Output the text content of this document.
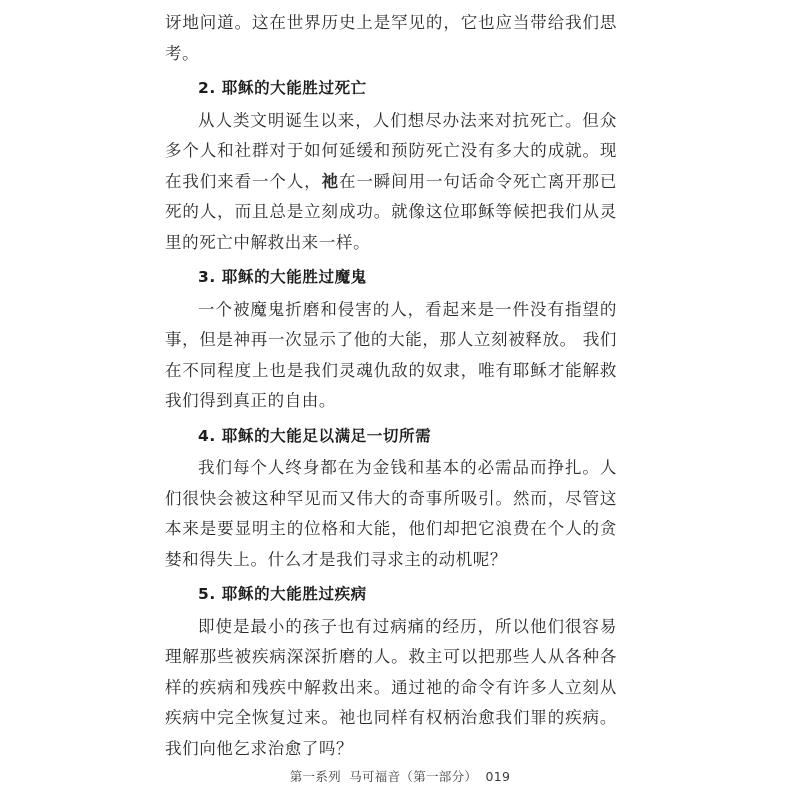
讶地问道。这在世界历史上是罕见的，它也应当带给我们思考。

2. 耶稣的大能胜过死亡

从人类文明诞生以来，人们想尽办法来对抗死亡。但众多个人和社群对于如何延缓和预防死亡没有多大的成就。现在我们来看一个人，祂在一瞬间用一句话命令死亡离开那已死的人，而且总是立刻成功。就像这位耶稣等候把我们从灵里的死亡中解救出来一样。

3. 耶稣的大能胜过魔鬼

一个被魔鬼折磨和侵害的人，看起来是一件没有指望的事，但是神再一次显示了他的大能，那人立刻被释放。 我们在不同程度上也是我们灵魂仇敌的奴隶，唯有耶稣才能解救我们得到真正的自由。

4. 耶稣的大能足以满足一切所需

我们每个人终身都在为金钱和基本的必需品而挣扎。人们很快会被这种罕见而又伟大的奇事所吸引。然而，尽管这本来是要显明主的位格和大能，他们却把它浪费在个人的贪婪和得失上。什么才是我们寻求主的动机呢？

5. 耶稣的大能胜过疾病

即使是最小的孩子也有过病痛的经历，所以他们很容易理解那些被疾病深深折磨的人。救主可以把那些人从各种各样的疾病和残疾中解救出来。通过祂的命令有许多人立刻从疾病中完全恢复过来。祂也同样有权柄治愈我们罪的疾病。我们向他乞求治愈了吗？

第一系列 马可福音（第一部分） 019
